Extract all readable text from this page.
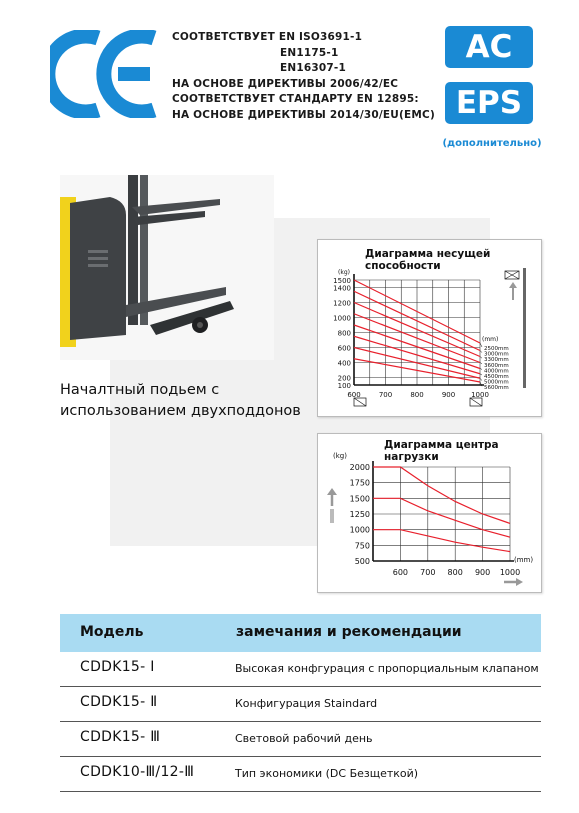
СООТВЕТСТВУЕТ EN ISO3691-1
EN1175-1
EN16307-1
НА ОСНОВЕ ДИРЕКТИВЫ 2006/42/EC
СООТВЕТСТВУЕТ СТАНДАРТУ EN 12895:
НА ОСНОВЕ ДИРЕКТИВЫ 2014/30/EU(EMC)
AC
EPS
(дополнительно)
Началтный подьем с
использованием двухподдонов
Диаграмма несущей
способности
100
200
400
600
800
1000
1200
1400
1500
600	700	800	900 1000
(kg)
(mm)
2500mm
3000mm
3300mm
3600mm
4000mm
4500mm
5000mm
5600mm
Диаграмма центра
нагрузки
500
750
1000
1250
1500
1750
2000
600 700 800 900 1000
(kg)
(mm)
Модель	замечания и рекомендации
CDDK15- Ⅰ	Высокая конфгурация с пропорциальным клапаном
CDDK15- Ⅱ	Конфигурация Staindard
CDDK15- Ⅲ	Световой рабочий день
CDDK10-Ⅲ/12-Ⅲ	Тип экономики (DC Безщеткой)
